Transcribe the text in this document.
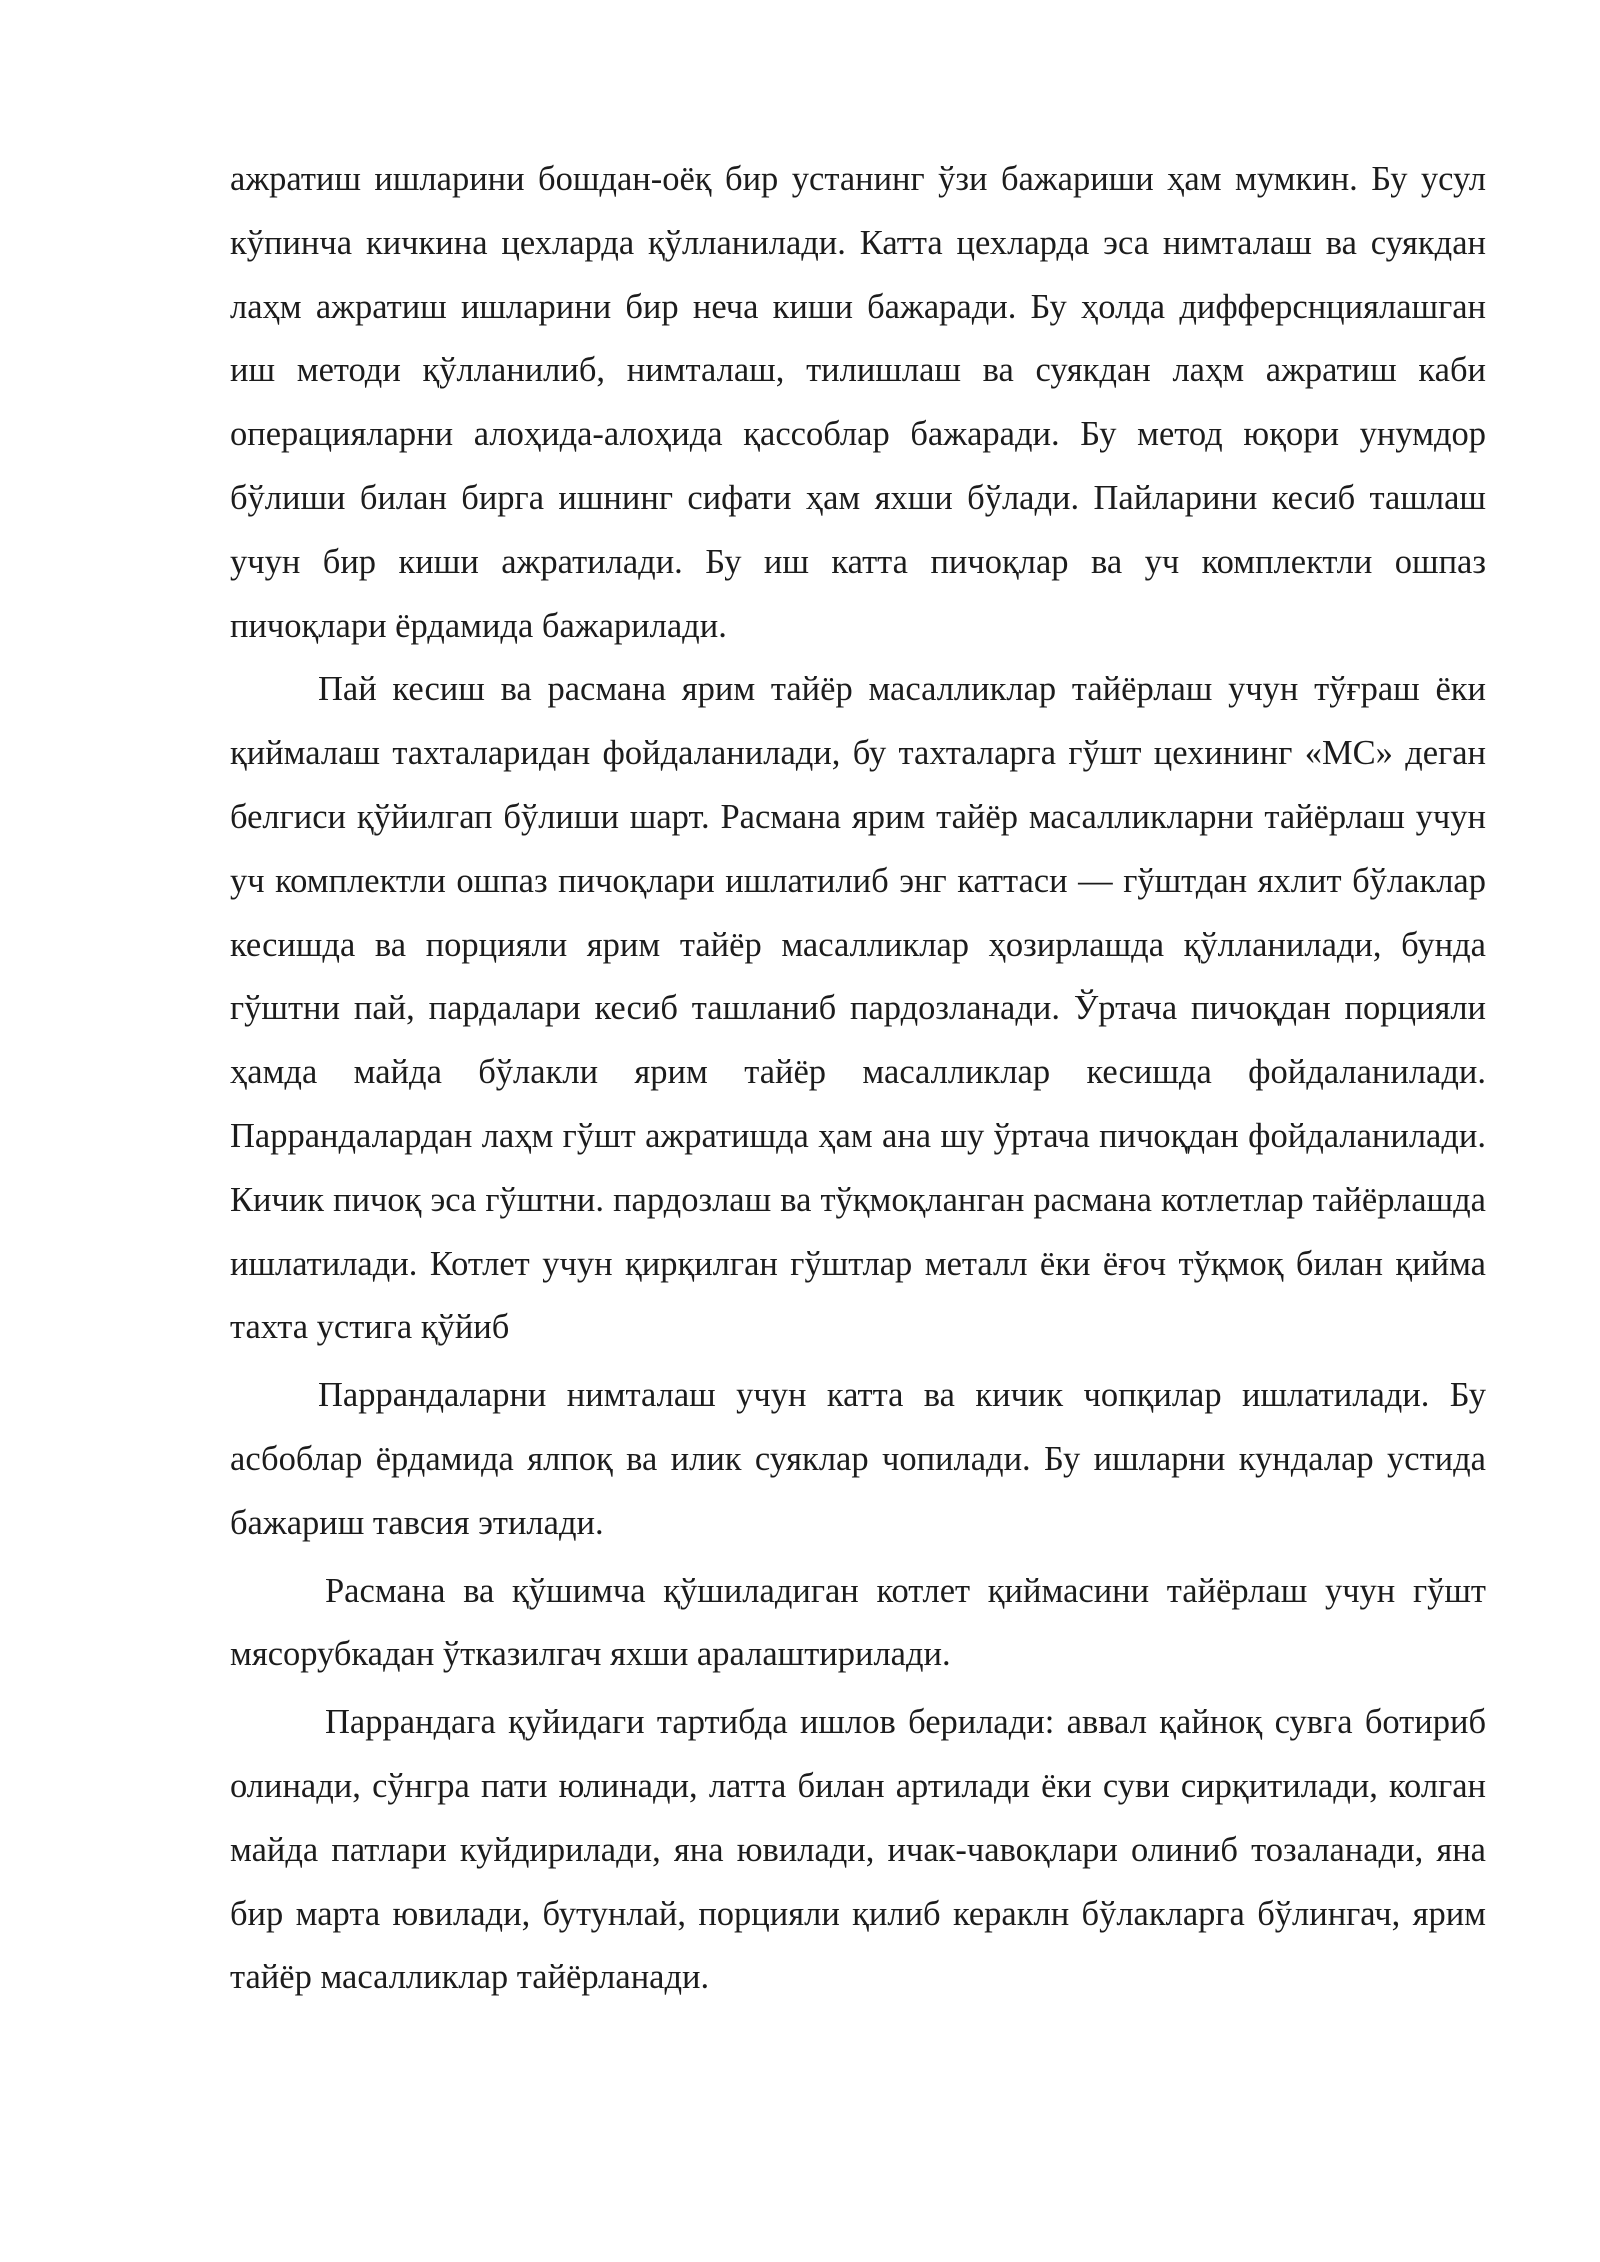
ажратиш ишларини бошдан-оёқ бир устанинг ўзи бажариши ҳам мумкин. Бу усул кўпинча кичкина цехларда қўлланилади. Катта цехларда эса нимталаш ва суякдан лаҳм ажратиш ишларини бир неча киши бажаради. Бу ҳолда дифферснциялашган иш методи қўлланилиб, нимталаш, тилишлаш ва суякдан лаҳм ажратиш каби операцияларни алоҳида-алоҳида қассоблар бажаради. Бу метод юқори унумдор бўлиши билан бирга ишнинг сифати ҳам яхши бўлади. Пайларини кесиб ташлаш учун бир киши ажратилади. Бу иш катта пичоқлар ва уч комплектли ошпаз пичоқлари ёрдамида бажарилади.

Пай кесиш ва расмана ярим тайёр масалликлар тайёрлаш учун тўғраш ёки қиймалаш тахталаридан фойдаланилади, бу тахталарга гўшт цехининг «МС» деган белгиси қўйилгап бўлиши шарт. Расмана ярим тайёр масалликларни тайёрлаш учун уч комплектли ошпаз пичоқлари ишлатилиб энг каттаси — гўштдан яхлит бўлаклар кесишда ва порцияли ярим тайёр масалликлар ҳозирлашда қўлланилади, бунда гўштни пай, пардалари кесиб ташланиб пардозланади. Ўртача пичоқдан порцияли ҳамда майда бўлакли ярим тайёр масалликлар кесишда фойдаланилади. Паррандалардан лаҳм гўшт ажратишда ҳам ана шу ўртача пичоқдан фойдаланилади. Кичик пичоқ эса гўштни. пардозлаш ва тўқмоқланган расмана котлетлар тайёрлашда ишлатилади. Котлет учун қирқилган гўштлар металл ёки ёғоч тўқмоқ билан қийма тахта устига қўйиб

Паррандаларни нимталаш учун катта ва кичик чопқилар ишлатилади. Бу асбоблар ёрдамида ялпоқ ва илик суяклар чопилади. Бу ишларни кундалар устида бажариш тавсия этилади.

Расмана ва қўшимча қўшиладиган котлет қиймасини тайёрлаш учун гўшт мясорубкадан ўтказилгач яхши аралаштирилади.

Паррандага қуйидаги тартибда ишлов берилади: аввал қайноқ сувга ботириб олинади, сўнгра пати юлинади, латта билан артилади ёки суви сирқитилади, колган майда патлари куйдирилади, яна ювилади, ичак-чавоқлари олиниб тозаланади, яна бир марта ювилади, бутунлай, порцияли қилиб кераклн бўлакларга бўлингач, ярим тайёр масалликлар тайёрланади.
